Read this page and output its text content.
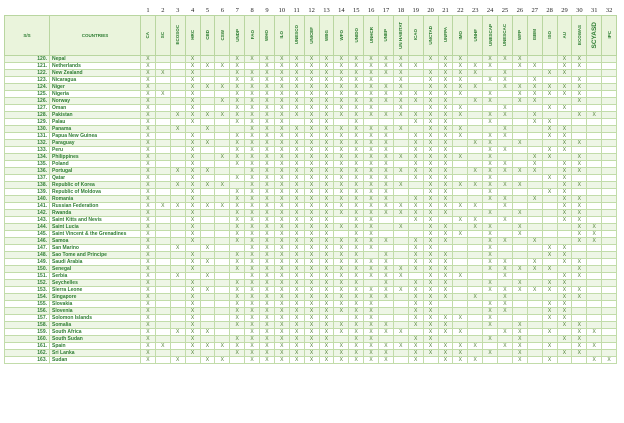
		1	2	3	4	5	6	7	8	9	10	11	12	13	14	15	16	17	18	19	20	21	22	23	24	25	26	27	28	29	30	31	32
S/S	COUNTRIES	CA	SC	ECOSOC	HRC	CBD	CSW	UNDP	FAO	WHO	ILO	UNESCO	UNICEF	WBG	WFO	UNIDO	UNHCR	UNEP	UN HABITAT	ICAO	UNCTAD	UNFPA	IMO	UNHF	UNESCAP	UNESCAC	WFP	ISBM	ISO	AU	ECOWAS	SCYASD	IPC
120.	Nepal	X			X			X	X	X	X	X	X	X	X	X	X	X	X		X	X	X		X	X	X			X	X		
121.	Netherlands	X			X	X	X	X		X	X	X	X	X	X	X	X	X	X	X		X	X	X	X		X	X		X	X		
122.	New Zealand	X	X		X			X	X	X	X	X	X	X	X	X	X	X	X		X	X	X	X		X			X	X			
123.	Nicaragua	X			X			X	X	X	X	X	X	X	X	X	X		X		X	X	X		X	X		X			X		
124.	Niger	X			X	X	X	X	X	X	X	X	X	X	X	X	X	X	X		X	X	X	X		X	X	X	X	X	X		
125.	Nigeria	X	X		X			X	X	X	X	X	X	X	X	X	X	X	X	X	X	X	X		X		X	X	X	X	X		
126.	Norway	X			X		X	X	X	X	X	X	X	X	X	X	X	X	X	X	X	X		X	X		X	X			X		
127.	Oman	X			X			X	X	X	X	X	X	X	X	X	X		X		X	X	X			X			X	X			
128.	Pakistan	X		X	X	X	X	X	X	X	X	X	X	X	X	X	X	X	X	X	X	X	X		X	X		X			X	X	
129.	Palau	X			X			X	X	X	X		X	X		X				X	X	X			X			X	X				
130.	Panama	X		X		X			X	X	X	X	X	X	X	X	X	X	X		X	X	X			X			X	X			
131.	Papua New Guinea	X			X			X	X	X	X	X	X	X	X	X	X	X		X	X	X	X		X	X			X	X			
132.	Paraguay	X			X	X		X	X	X	X	X	X	X	X	X	X	X		X	X	X		X	X		X			X	X		
133.	Peru	X			X			X	X	X	X	X	X	X	X	X	X	X		X	X	X			X	X			X	X			
134.	Philippines	X			X		X	X	X	X	X	X	X	X	X	X	X	X	X	X	X	X	X		X			X	X		X		
135.	Poland	X			X			X	X	X	X	X	X	X	X	X	X	X		X	X	X			X	X		X		X	X		
136.	Portugal	X		X	X	X			X	X	X	X	X	X	X	X	X	X	X	X	X	X		X	X	X	X	X		X	X		
137.	Qatar	X			X			X	X	X	X	X	X	X	X	X	X	X		X	X	X			X				X	X			
138.	Republic of Korea	X		X	X	X	X		X	X	X	X	X	X	X	X	X	X	X		X	X	X	X	X	X	X			X	X		
139.	Republic of Moldova	X			X			X	X	X	X	X	X	X	X	X	X	X			X	X			X				X	X			
140.	Romania	X			X			X	X	X	X	X	X	X	X	X	X	X		X	X	X			X	X		X		X	X		
141.	Russian Federation	X	X	X	X	X	X	X	X	X	X	X	X	X	X	X	X	X	X	X	X	X	X	X		X				X	X		
142.	Rwanda	X			X			X	X	X	X	X	X	X	X	X	X	X	X	X	X	X			X		X			X	X		
143.	Saint Kitts and Nevis	X			X			X	X	X	X	X	X	X		X	X			X	X		X	X		X				X	X		
144.	Saint Lucia	X			X			X	X	X	X	X	X	X	X	X	X		X		X	X		X	X		X				X	X	
145.	Saint Vincent & the Grenadines	X			X			X	X	X	X	X	X	X		X	X				X	X	X		X		X				X	X	
146.	Samoa	X			X			X	X	X	X	X	X	X	X	X	X	X		X	X	X			X	X		X			X	X	
147.	San Marino	X		X		X			X	X	X	X	X	X	X	X	X			X	X				X				X	X			
148.	Sao Tome and Principe	X			X			X	X	X	X	X	X	X	X	X		X		X	X	X			X				X	X			
149.	Saudi Arabia	X			X	X		X	X	X	X	X	X	X	X	X	X	X		X	X	X			X	X		X		X	X		
150.	Senegal	X			X			X	X	X	X	X	X	X	X	X	X	X	X	X	X	X			X	X	X	X	X		X		
151.	Serbia	X		X		X			X	X	X	X	X	X	X	X	X	X	X		X	X	X			X				X	X		
152.	Seychelles	X			X			X	X	X	X	X	X	X	X	X		X		X	X	X			X		X		X	X			
153.	Sierra Leone	X			X	X		X	X	X	X	X	X	X	X	X	X	X	X	X	X	X			X	X	X	X	X	X	X		
154.	Singapore	X			X			X	X	X	X	X	X	X	X	X	X	X		X	X	X		X		X				X	X		
155.	Slovakia	X			X			X	X	X	X	X	X	X	X	X	X			X	X				X	X			X	X			
156.	Slovenia	X			X			X	X	X	X	X	X	X	X	X	X			X	X				X	X			X	X			
157.	Solomon Islands	X			X			X	X	X	X	X	X	X		X	X			X	X	X	X		X				X	X			
158.	Somalia	X			X			X	X	X	X	X	X	X	X	X	X	X		X	X	X			X		X			X	X		
159.	South Africa	X		X	X	X			X	X	X	X	X	X	X	X	X	X	X		X	X	X			X	X		X		X	X	
160.	South Sudan	X			X			X	X	X	X	X	X	X		X	X			X	X				X		X			X	X		
161.	Spain	X	X		X	X	X	X	X	X	X	X	X	X	X	X	X	X	X	X	X	X	X	X		X	X		X		X	X	
162.	Sri Lanka	X			X			X	X	X	X	X	X	X	X	X	X	X		X	X	X	X		X		X			X	X		
163.	Sudan	X		X		X	X		X	X	X	X	X	X	X	X	X	X		X		X	X	X			X		X			X	X
